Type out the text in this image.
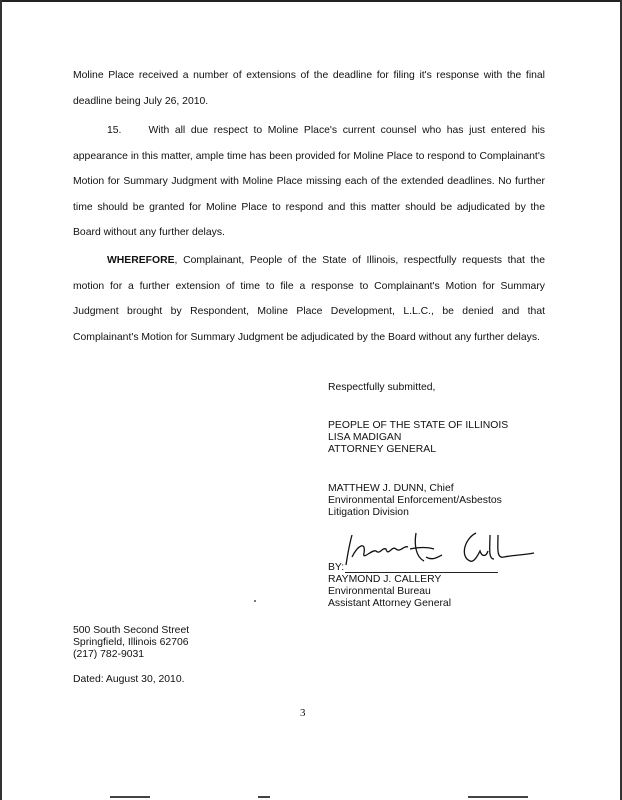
Moline Place received a number of extensions of the deadline for filing it's response with the final deadline being July 26, 2010.
15.	With all due respect to Moline Place's current counsel who has just entered his appearance in this matter, ample time has been provided for Moline Place to respond to Complainant's Motion for Summary Judgment with Moline Place missing each of the extended deadlines. No further time should be granted for Moline Place to respond and this matter should be adjudicated by the Board without any further delays.
WHEREFORE, Complainant, People of the State of Illinois, respectfully requests that the motion for a further extension of time to file a response to Complainant's Motion for Summary Judgment brought by Respondent, Moline Place Development, L.L.C., be denied and that Complainant's Motion for Summary Judgment be adjudicated by the Board without any further delays.
Respectfully submitted,
PEOPLE OF THE STATE OF ILLINOIS
LISA MADIGAN
ATTORNEY GENERAL
MATTHEW J. DUNN, Chief
Environmental Enforcement/Asbestos
Litigation Division
BY:
RAYMOND J. CALLERY
Environmental Bureau
Assistant Attorney General
500 South Second Street
Springfield, Illinois 62706
(217) 782-9031
Dated: August 30, 2010.
3
